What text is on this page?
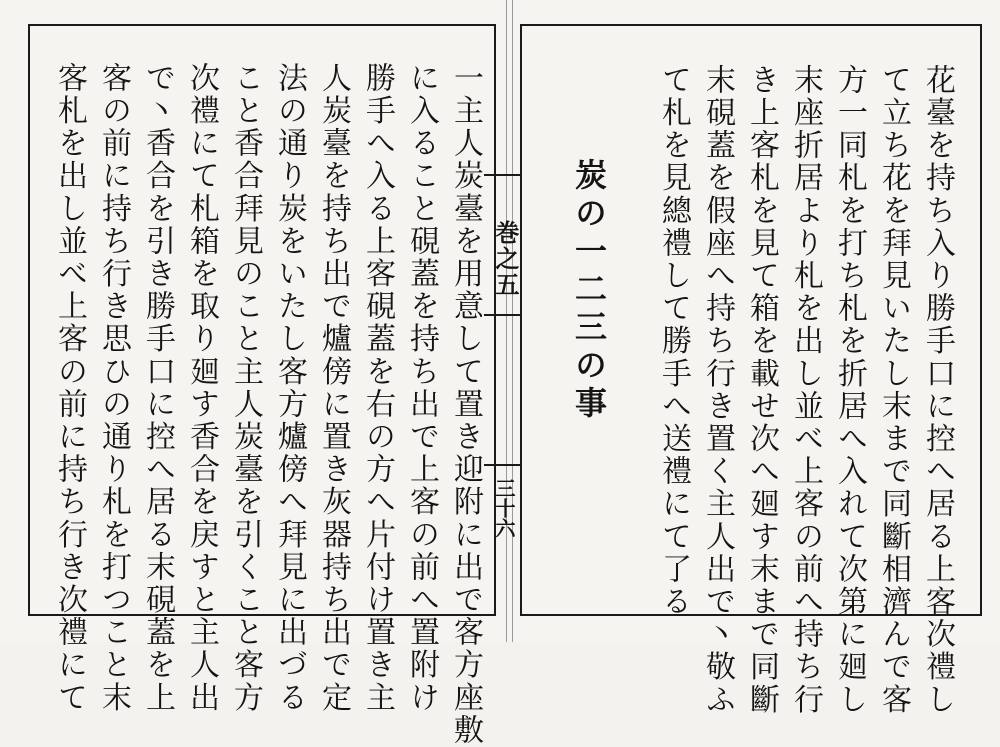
一主人炭臺を用意して置き迎附に出で客方座敷
に入ること硯蓋を持ち出で上客の前へ置附け
勝手へ入る上客硯蓋を右の方へ片付け置き主
人炭臺を持ち出で爐傍に置き灰器持ち出で定
法の通り炭をいたし客方爐傍へ拜見に出づる
こと香合拜見のこと主人炭臺を引くこと客方
次禮にて札箱を取り廻す香合を戻すと主人出
で丶香合を引き勝手口に控へ居る末硯蓋を上
客の前に持ち行き思ひの通り札を打つこと末
客札を出し並べ上客の前に持ち行き次禮にて	巻之五
三十六	花臺を持ち入り勝手口に控へ居る上客次禮し
て立ち花を拜見いたし末まで同斷相濟んで客
方一同札を打ち札を折居へ入れて次第に廻し
末座折居より札を出し並べ上客の前へ持ち行
き上客札を見て箱を載せ次へ廻す末まで同斷
末硯蓋を假座へ持ち行き置く主人出で丶敬ふ
て札を見總禮して勝手へ送禮にて了る
炭の一二三の事
